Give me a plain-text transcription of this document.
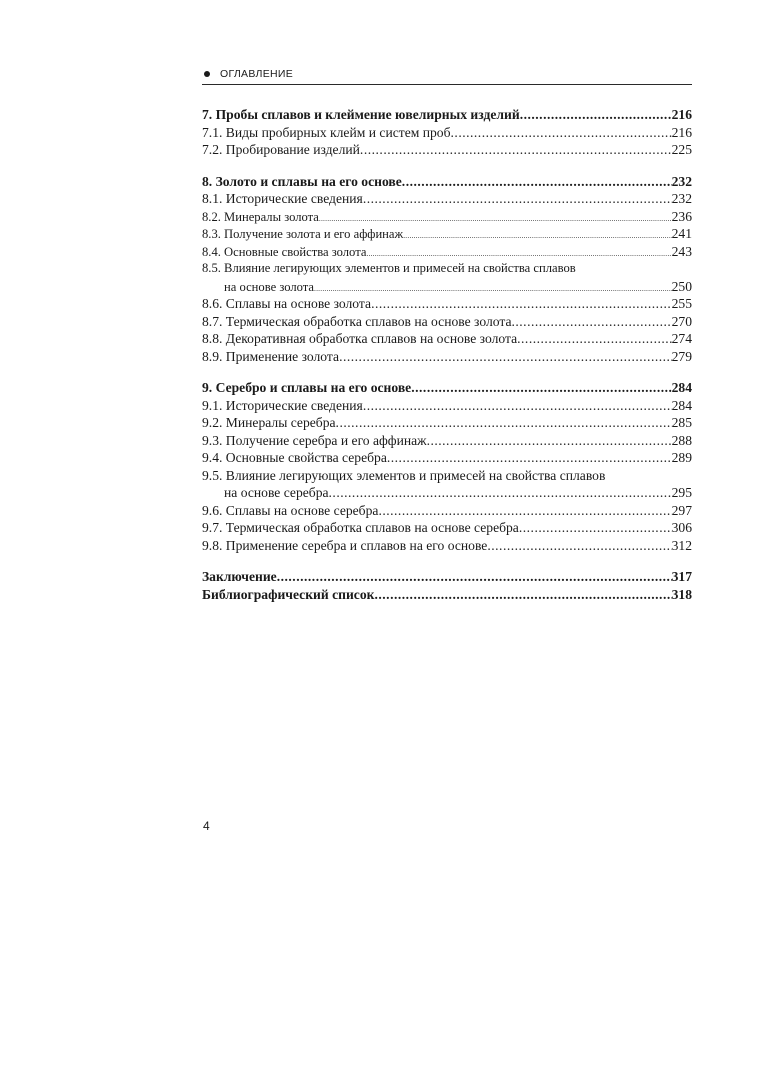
ОГЛАВЛЕНИЕ
7. Пробы сплавов и клеймение ювелирных изделий .....	216
7.1. Виды пробирных клейм и систем проб .....	216
7.2. Пробирование изделий .....	225
8. Золото и сплавы на его основе .....	232
8.1. Исторические сведения .....	232
8.2. Минералы золота .....	236
8.3. Получение золота и его аффинаж .....	241
8.4. Основные свойства золота .....	243
8.5. Влияние легирующих элементов и примесей на свойства сплавов
на основе золота .....	250
8.6. Сплавы на основе золота .....	255
8.7. Термическая обработка сплавов на основе золота .....	270
8.8. Декоративная обработка сплавов на основе золота .....	274
8.9. Применение золота .....	279
9. Серебро и сплавы на его основе .....	284
9.1. Исторические сведения .....	284
9.2. Минералы серебра .....	285
9.3. Получение серебра и его аффинаж .....	288
9.4. Основные свойства серебра .....	289
9.5. Влияние легирующих элементов и примесей на свойства сплавов
на основе серебра .....	295
9.6. Сплавы на основе серебра .....	297
9.7. Термическая обработка сплавов на основе серебра .....	306
9.8. Применение серебра и сплавов на его основе .....	312
Заключение .....	317
Библиографический список .....	318
4
